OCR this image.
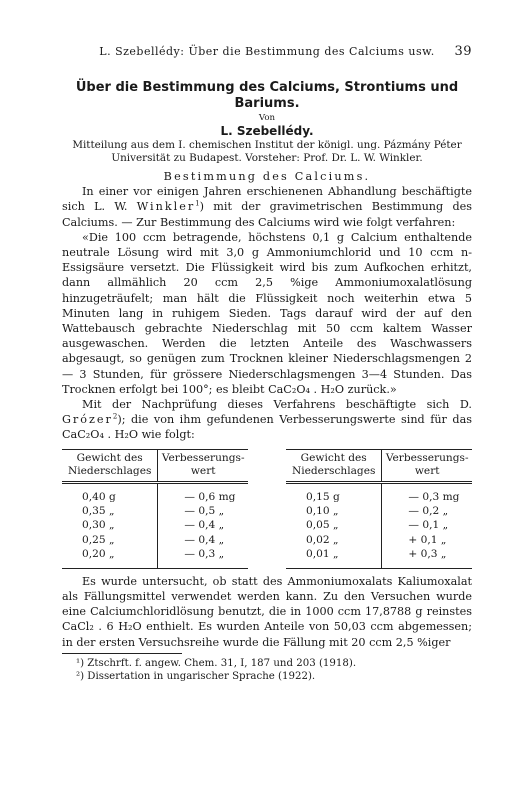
L. Szebellédy: Über die Bestimmung des Calciums usw. 39
Über die Bestimmung des Calciums, Strontiums und Bariums.
Von
L. Szebellédy.
Mitteilung aus dem I. chemischen Institut der königl. ung. Pázmány Péter Universität zu Budapest. Vorsteher: Prof. Dr. L. W. Winkler.
Bestimmung des Calciums.

In einer vor einigen Jahren erschienenen Abhandlung beschäftigte sich L. W. Winkler$^1$) mit der gravimetrischen Bestimmung des Calciums. — Zur Bestimmung des Calciums wird wie folgt verfahren:

«Die 100 ccm betragende, höchstens 0,1 g Calcium enthaltende neutrale Lösung wird mit 3,0 g Ammoniumchlorid und 10 ccm n-Essigsäure versetzt. Die Flüssigkeit wird bis zum Aufkochen erhitzt, dann allmählich 20 ccm 2,5 %ige Ammoniumoxalatlösung hinzugeträufelt; man hält die Flüssigkeit noch weiterhin etwa 5 Minuten lang in ruhigem Sieden. Tags darauf wird der auf den Wattebausch gebrachte Niederschlag mit 50 ccm kaltem Wasser ausgewaschen. Werden die letzten Anteile des Waschwassers abgesaugt, so genügen zum Trocknen kleiner Niederschlagsmengen 2 — 3 Stunden, für grössere Niederschlagsmengen 3—4 Stunden. Das Trocknen erfolgt bei 100°; es bleibt CaC₂O₄ . H₂O zurück.»

Mit der Nachprüfung dieses Verfahrens beschäftigte sich D. Grózer$^2$); die von ihm gefundenen Verbesserungswerte sind für das CaC₂O₄ . H₂O wie folgt:

Gewicht des Niederschlages	Verbesserungs-wert		Gewicht des Niederschlages	Verbesserungs-wert
0,40 g	— 0,6 mg		0,15 g	— 0,3 mg
0,35 „	— 0,5 „		0,10 „	— 0,2 „
0,30 „	— 0,4 „		0,05 „	— 0,1 „
0,25 „	— 0,4 „		0,02 „	+ 0,1 „
0,20 „	— 0,3 „		0,01 „	+ 0,3 „

Es wurde untersucht, ob statt des Ammoniumoxalats Kaliumoxalat als Fällungsmittel verwendet werden kann. Zu den Versuchen wurde eine Calciumchloridlösung benutzt, die in 1000 ccm 17,8788 g reinstes CaCl₂ . 6 H₂O enthielt. Es wurden Anteile von 50,03 ccm abgemessen; in der ersten Versuchsreihe wurde die Fällung mit 20 ccm 2,5 %iger

¹) Ztschrft. f. angew. Chem. 31, I, 187 und 203 (1918).
²) Dissertation in ungarischer Sprache (1922).
